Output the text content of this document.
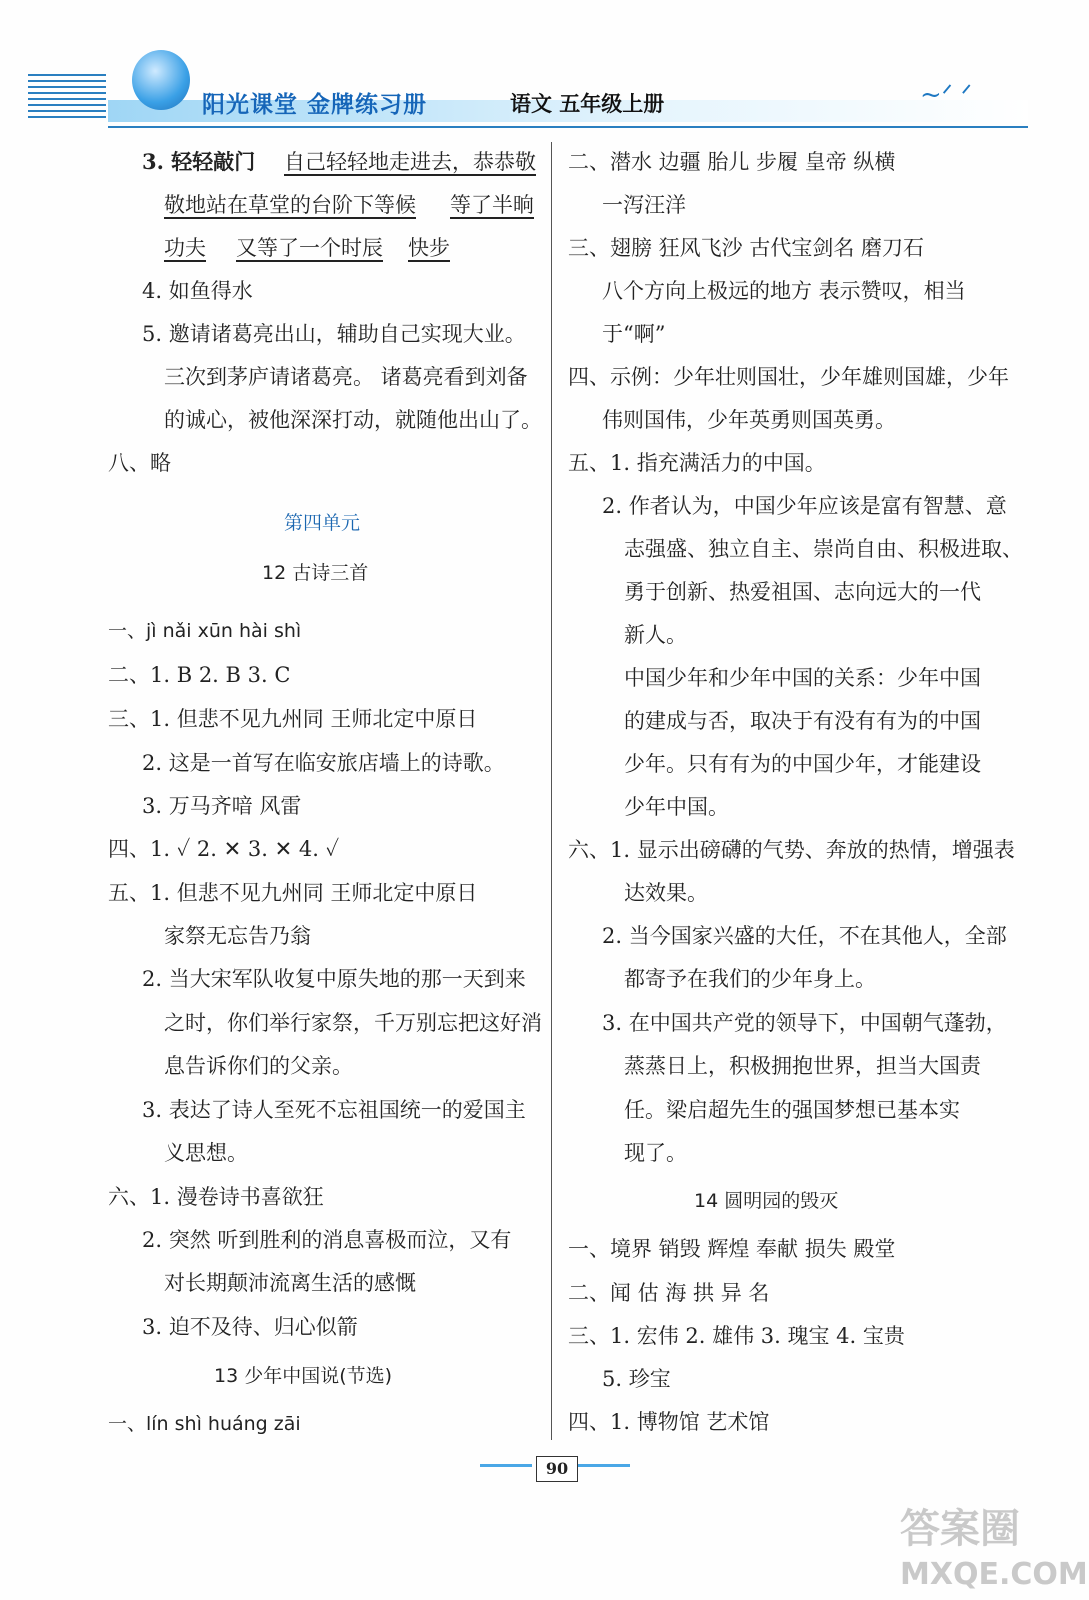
阳光课堂 金牌练习册	语文 五年级上册	~ᐟ ᐟ
3. 轻轻敲门 自己轻轻地走进去，恭恭敬
敬地站在草堂的台阶下等候 等了半晌
功夫 又等了一个时辰 快步
4. 如鱼得水
5. 邀请诸葛亮出山，辅助自己实现大业。
三次到茅庐请诸葛亮。 诸葛亮看到刘备
的诚心，被他深深打动，就随他出山了。
八、略
第四单元
12 古诗三首
一、jì nǎi xūn hài shì
二、1. B 2. B 3. C
三、1. 但悲不见九州同 王师北定中原日
2. 这是一首写在临安旅店墙上的诗歌。
3. 万马齐喑 风雷
四、1. ✓ 2. ✕ 3. ✕ 4. ✓
五、1. 但悲不见九州同 王师北定中原日
家祭无忘告乃翁
2. 当大宋军队收复中原失地的那一天到来
之时，你们举行家祭，千万别忘把这好消
息告诉你们的父亲。
3. 表达了诗人至死不忘祖国统一的爱国主
义思想。
六、1. 漫卷诗书喜欲狂
2. 突然 听到胜利的消息喜极而泣，又有
对长期颠沛流离生活的感慨
3. 迫不及待、归心似箭
13 少年中国说(节选)
一、lín shì huáng zāi
二、潜水 边疆 胎儿 步履 皇帝 纵横
一泻汪洋
三、翅膀 狂风飞沙 古代宝剑名 磨刀石
八个方向上极远的地方 表示赞叹，相当
于“啊”
四、示例：少年壮则国壮，少年雄则国雄，少年
伟则国伟，少年英勇则国英勇。
五、1. 指充满活力的中国。
2. 作者认为，中国少年应该是富有智慧、意
志强盛、独立自主、崇尚自由、积极进取、
勇于创新、热爱祖国、志向远大的一代
新人。
中国少年和少年中国的关系：少年中国
的建成与否，取决于有没有有为的中国
少年。只有有为的中国少年，才能建设
少年中国。
六、1. 显示出磅礴的气势、奔放的热情，增强表
达效果。
2. 当今国家兴盛的大任，不在其他人，全部
都寄予在我们的少年身上。
3. 在中国共产党的领导下，中国朝气蓬勃，
蒸蒸日上，积极拥抱世界，担当大国责
任。梁启超先生的强国梦想已基本实
现了。
14 圆明园的毁灭
一、境界 销毁 辉煌 奉献 损失 殿堂
二、闻 估 海 拱 异 名
三、1. 宏伟 2. 雄伟 3. 瑰宝 4. 宝贵
5. 珍宝
四、1. 博物馆 艺术馆
90
答案圈
MXQE.COM
